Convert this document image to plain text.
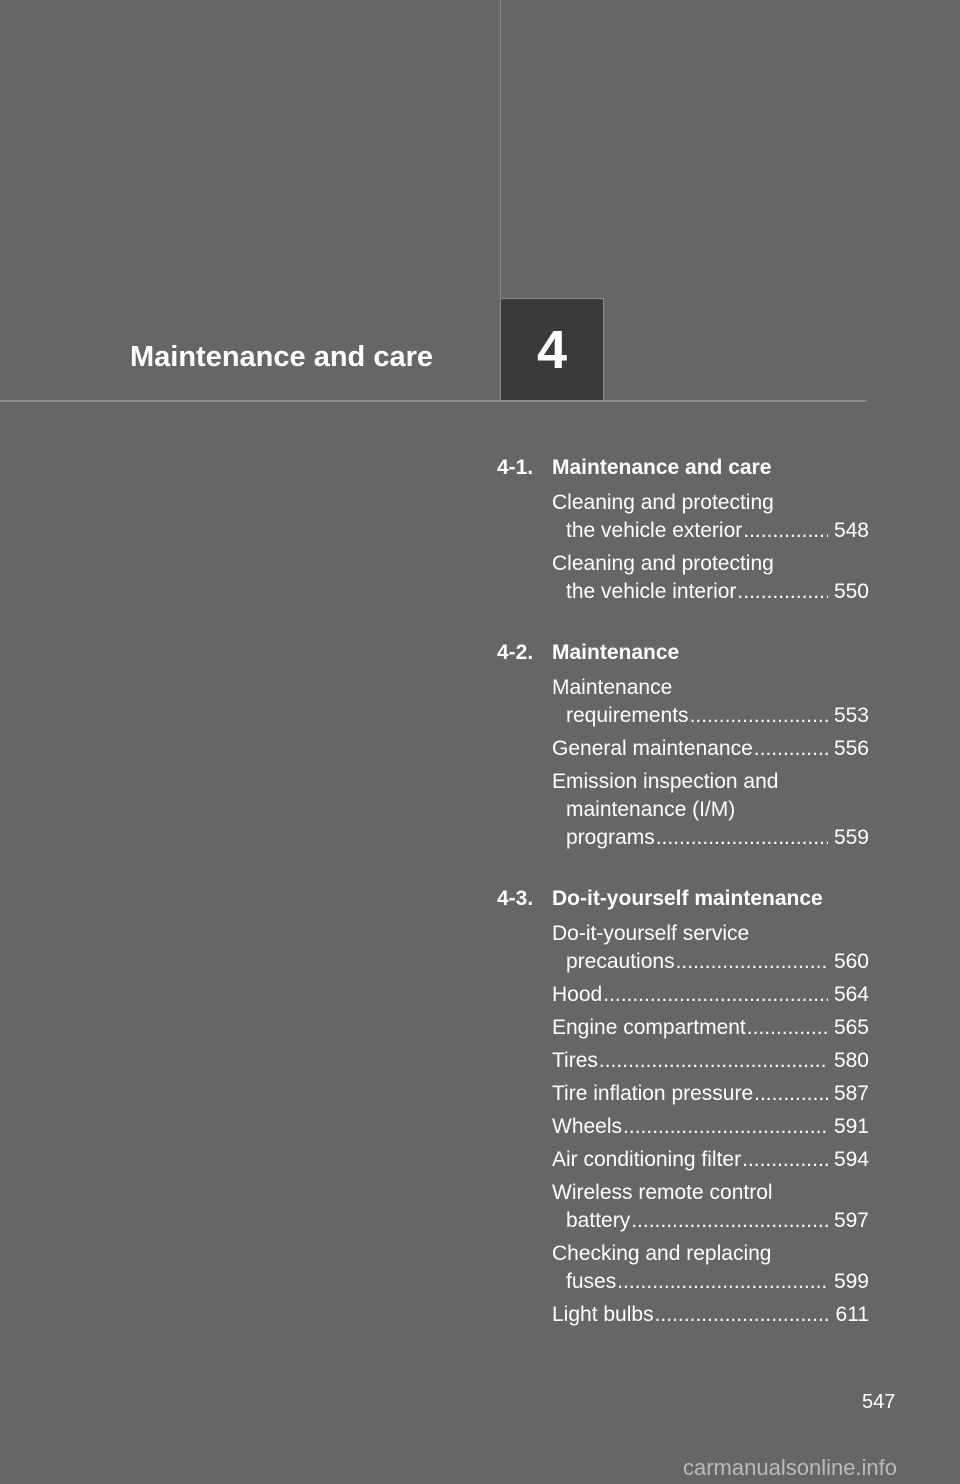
Maintenance and care 4
4-1. Maintenance and care
Cleaning and protecting
the vehicle exterior .....	548
Cleaning and protecting
the vehicle interior .....	550
4-2. Maintenance
Maintenance
requirements .....	553
General maintenance .....	556
Emission inspection and
maintenance (I/M)
programs .....	559
4-3. Do-it-yourself maintenance
Do-it-yourself service
precautions .....	560
Hood .....	564
Engine compartment .....	565
Tires .....	580
Tire inflation pressure .....	587
Wheels .....	591
Air conditioning filter .....	594
Wireless remote control
battery .....	597
Checking and replacing
fuses .....	599
Light bulbs .....	611
547
carmanualsonline.info
